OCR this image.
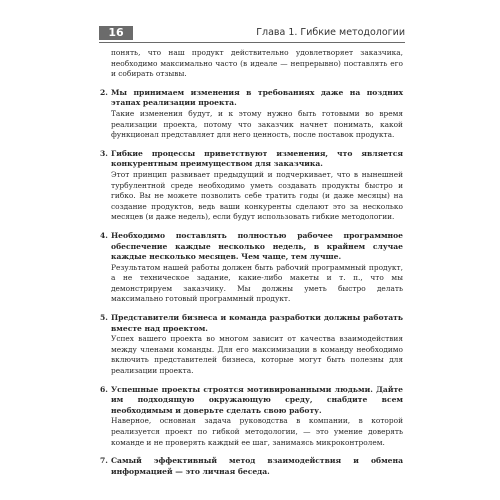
16	Глава 1. Гибкие методологии

понять, что наш продукт действительно удовлетворяет заказчика, необходимо максимально часто (в идеале — непрерывно) поставлять его и собирать отзывы.

2. Мы принимаем изменения в требованиях даже на поздних этапах реализации проекта.

Такие изменения будут, и к этому нужно быть готовыми во время реализации проекта, потому что заказчик начнет понимать, какой функционал представляет для него ценность, после поставок продукта.

3. Гибкие процессы приветствуют изменения, что является конкурентным преимуществом для заказчика.

Этот принцип развивает предыдущий и подчеркивает, что в нынешней турбулентной среде необходимо уметь создавать продукты быстро и гибко. Вы не можете позволить себе тратить годы (и даже месяцы) на создание продуктов, ведь ваши конкуренты сделают это за несколько месяцев (и даже недель), если будут использовать гибкие методологии.

4. Необходимо поставлять полностью рабочее программное обеспечение каждые несколько недель, в крайнем случае каждые несколько месяцев. Чем чаще, тем лучше.

Результатом нашей работы должен быть рабочий программный продукт, а не техническое задание, какие-либо макеты и т. п., что мы демонстрируем заказчику. Мы должны уметь быстро делать максимально готовый программный продукт.

5. Представители бизнеса и команда разработки должны работать вместе над проектом.

Успех вашего проекта во многом зависит от качества взаимодействия между членами команды. Для его максимизации в команду необходимо включить представителей бизнеса, которые могут быть полезны для реализации проекта.

6. Успешные проекты строятся мотивированными людьми. Дайте им подходящую окружающую среду, снабдите всем необходимым и доверьте сделать свою работу.

Наверное, основная задача руководства в компании, в которой реализуется проект по гибкой методологии, — это умение доверять команде и не проверять каждый ее шаг, занимаясь микроконтролем.

7. Самый эффективный метод взаимодействия и обмена информацией — это личная беседа.
